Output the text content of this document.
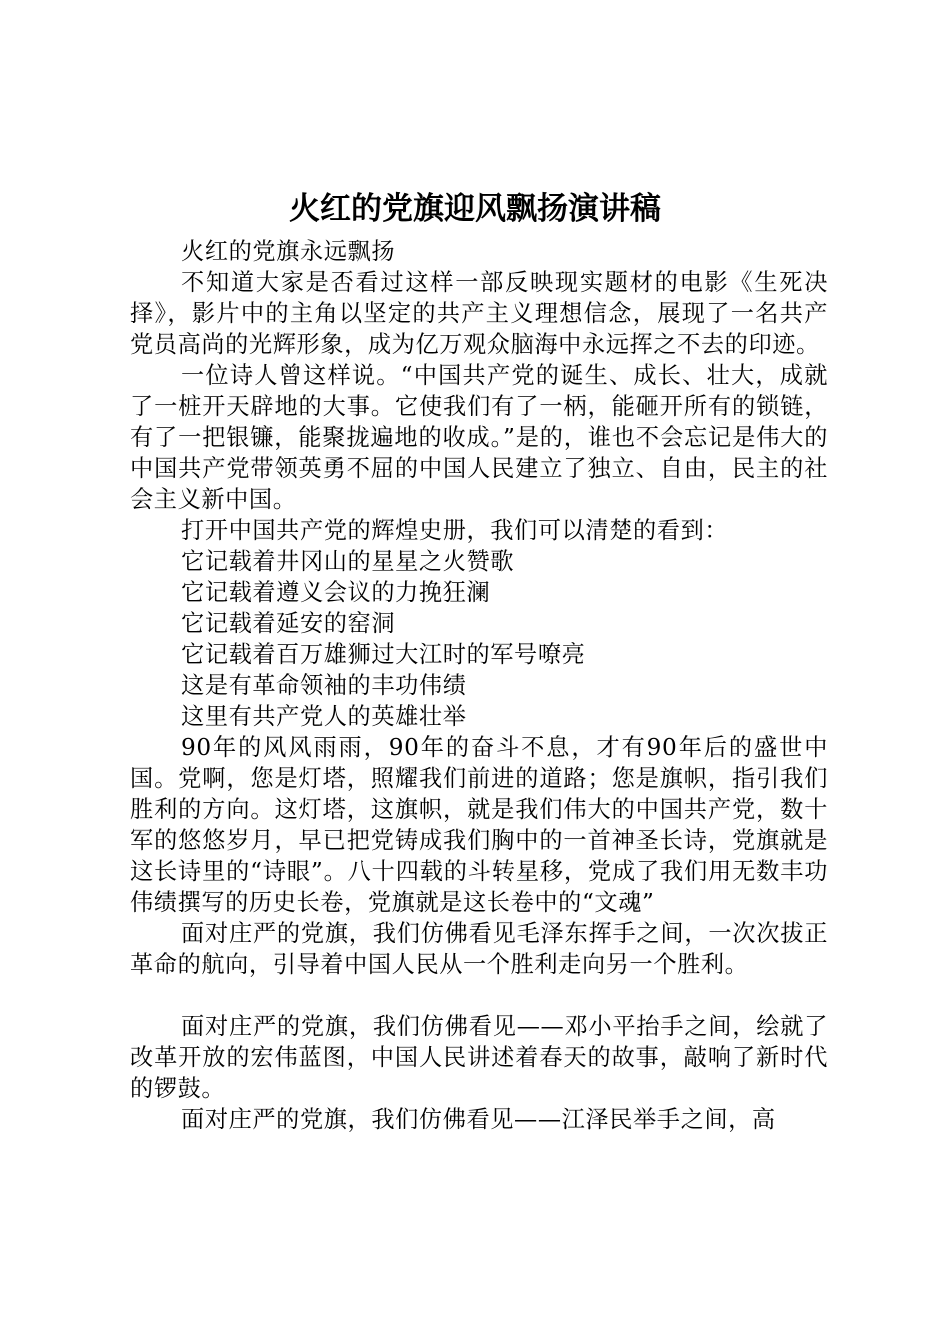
火红的党旗迎风飘扬演讲稿

火红的党旗永远飘扬

不知道大家是否看过这样一部反映现实题材的电影《生死决择》，影片中的主角以坚定的共产主义理想信念，展现了一名共产党员高尚的光辉形象，成为亿万观众脑海中永远挥之不去的印迹。

一位诗人曾这样说。“中国共产党的诞生、成长、壮大，成就了一桩开天辟地的大事。它使我们有了一柄，能砸开所有的锁链，有了一把银镰，能聚拢遍地的收成。”是的，谁也不会忘记是伟大的中国共产党带领英勇不屈的中国人民建立了独立、自由，民主的社会主义新中国。

打开中国共产党的辉煌史册，我们可以清楚的看到：

它记载着井冈山的星星之火赞歌

它记载着遵义会议的力挽狂澜

它记载着延安的窑洞

它记载着百万雄狮过大江时的军号嘹亮

这是有革命领袖的丰功伟绩

这里有共产党人的英雄壮举

90年的风风雨雨，90年的奋斗不息，才有90年后的盛世中国。党啊，您是灯塔，照耀我们前进的道路；您是旗帜，指引我们胜利的方向。这灯塔，这旗帜，就是我们伟大的中国共产党，数十军的悠悠岁月，早已把党铸成我们胸中的一首神圣长诗，党旗就是这长诗里的“诗眼”。八十四载的斗转星移，党成了我们用无数丰功伟绩撰写的历史长卷，党旗就是这长卷中的“文魂”

面对庄严的党旗，我们仿佛看见毛泽东挥手之间，一次次拔正革命的航向，引导着中国人民从一个胜利走向另一个胜利。

面对庄严的党旗，我们仿佛看见——邓小平抬手之间，绘就了改革开放的宏伟蓝图，中国人民讲述着春天的故事，敲响了新时代的锣鼓。

面对庄严的党旗，我们仿佛看见——江泽民举手之间，高
